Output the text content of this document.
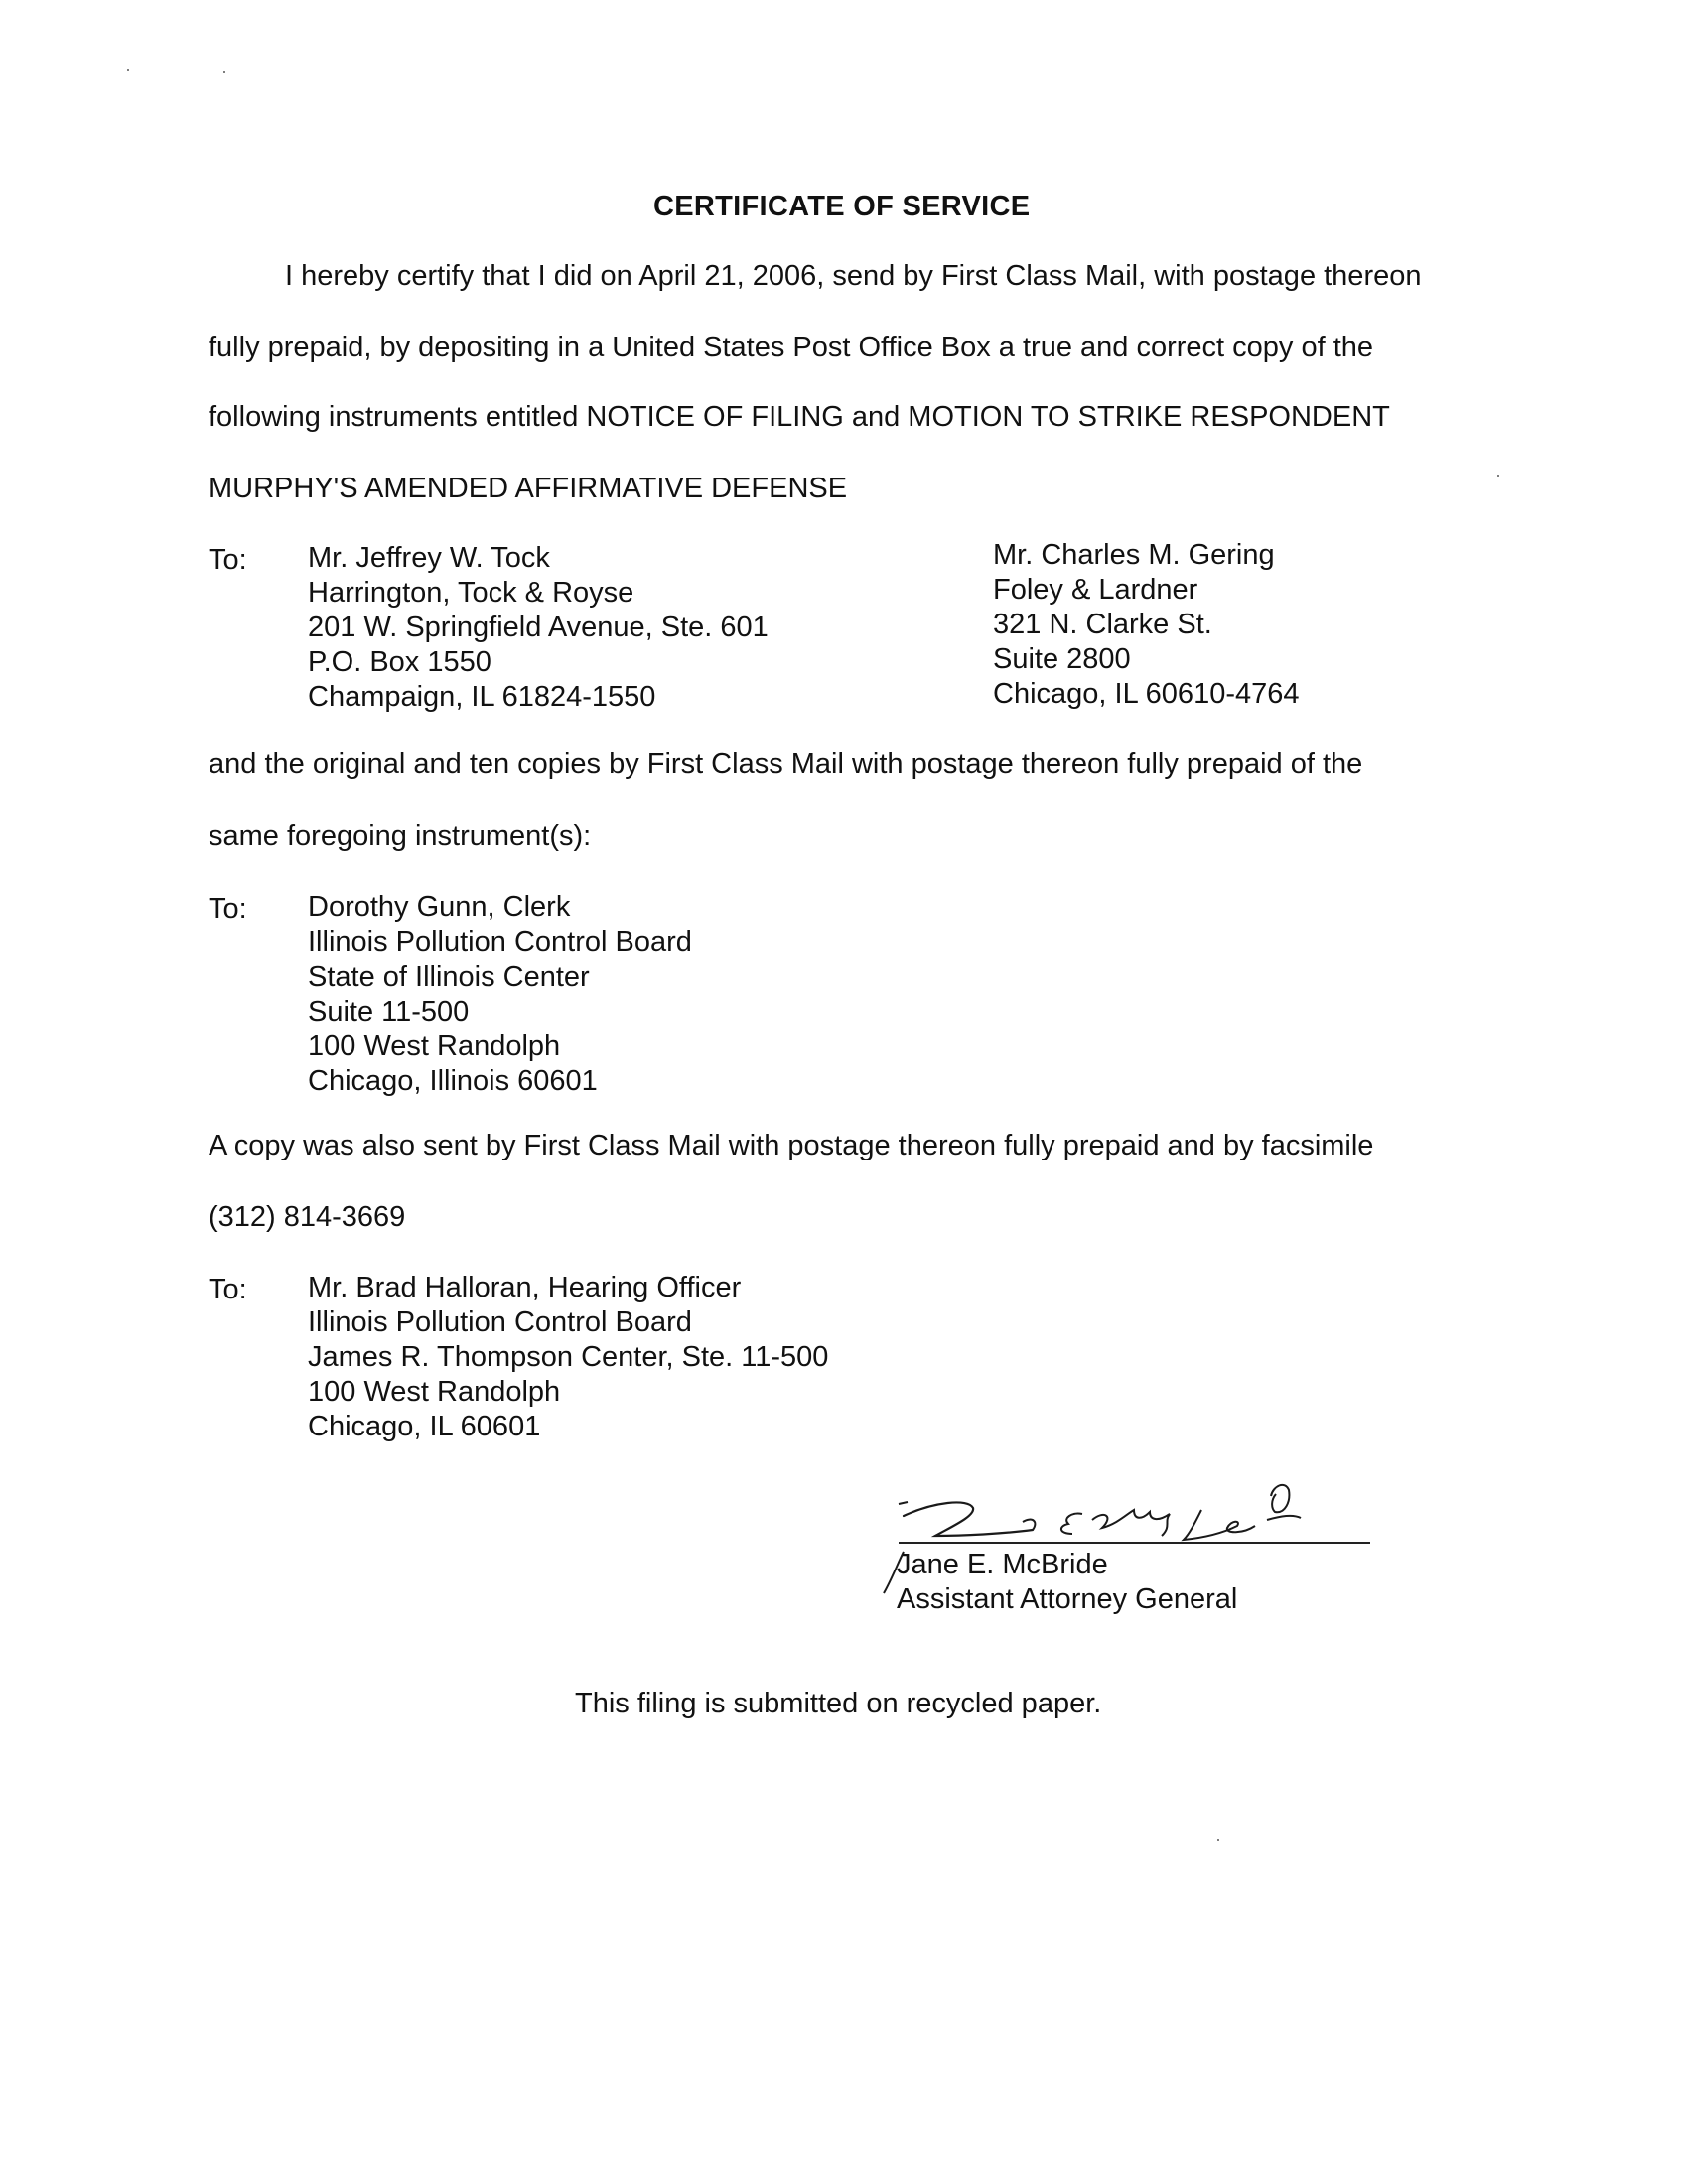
CERTIFICATE OF SERVICE
I hereby certify that I did on April 21, 2006, send by First Class Mail, with postage thereon
fully prepaid, by depositing in a United States Post Office Box a true and correct copy of the
following instruments entitled NOTICE OF FILING and MOTION TO STRIKE RESPONDENT
MURPHY'S AMENDED AFFIRMATIVE DEFENSE
To: Mr. Jeffrey W. Tock
Harrington, Tock & Royse
201 W. Springfield Avenue, Ste. 601
P.O. Box 1550
Champaign, IL 61824-1550
Mr. Charles M. Gering
Foley & Lardner
321 N. Clarke St.
Suite 2800
Chicago, IL 60610-4764
and the original and ten copies by First Class Mail with postage thereon fully prepaid of the
same foregoing instrument(s):
To: Dorothy Gunn, Clerk
Illinois Pollution Control Board
State of Illinois Center
Suite 11-500
100 West Randolph
Chicago, Illinois 60601
A copy was also sent by First Class Mail with postage thereon fully prepaid and by facsimile
(312) 814-3669
To: Mr. Brad Halloran, Hearing Officer
Illinois Pollution Control Board
James R. Thompson Center, Ste. 11-500
100 West Randolph
Chicago, IL 60601
Jane E. McBride
Assistant Attorney General
This filing is submitted on recycled paper.
